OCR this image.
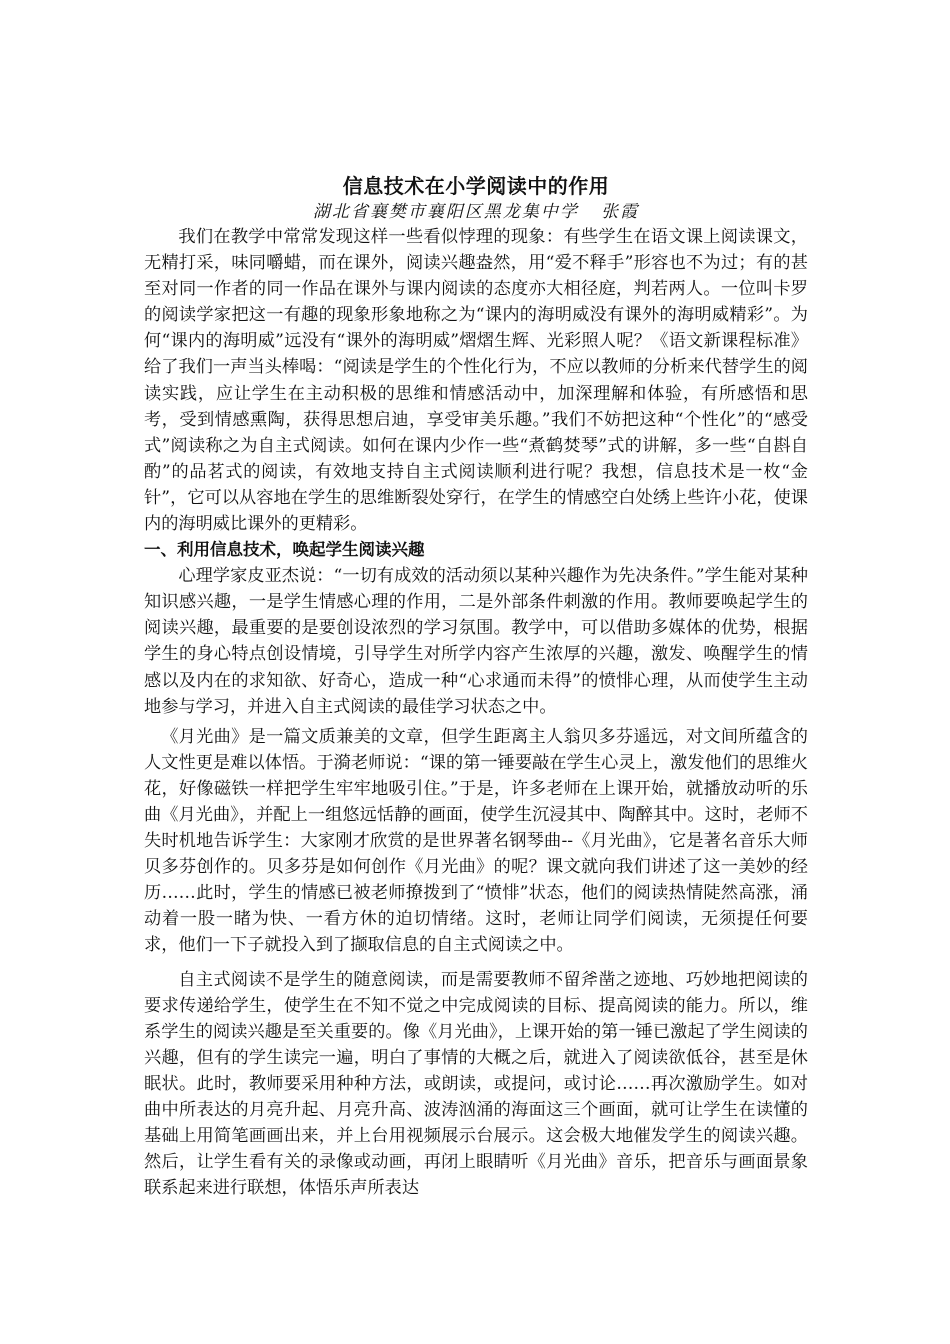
信息技术在小学阅读中的作用
湖北省襄樊市襄阳区黑龙集中学   张霞

我们在教学中常常发现这样一些看似悖理的现象：有些学生在语文课上阅读课文，无精打采，味同嚼蜡，而在课外，阅读兴趣盎然，用“爱不释手”形容也不为过；有的甚至对同一作者的同一作品在课外与课内阅读的态度亦大相径庭，判若两人。一位叫卡罗的阅读学家把这一有趣的现象形象地称之为“课内的海明威没有课外的海明威精彩”。为何“课内的海明威”远没有“课外的海明威”熠熠生辉、光彩照人呢？《语文新课程标准》给了我们一声当头棒喝：“阅读是学生的个性化行为，不应以教师的分析来代替学生的阅读实践，应让学生在主动积极的思维和情感活动中，加深理解和体验，有所感悟和思考，受到情感熏陶，获得思想启迪，享受审美乐趣。”我们不妨把这种“个性化”的“感受式”阅读称之为自主式阅读。如何在课内少作一些“煮鹤焚琴”式的讲解，多一些“自斟自酌”的品茗式的阅读，有效地支持自主式阅读顺利进行呢？我想，信息技术是一枚“金针”，它可以从容地在学生的思维断裂处穿行，在学生的情感空白处绣上些许小花，使课内的海明威比课外的更精彩。

一、利用信息技术，唤起学生阅读兴趣

心理学家皮亚杰说：“一切有成效的活动须以某种兴趣作为先决条件。”学生能对某种知识感兴趣，一是学生情感心理的作用，二是外部条件刺激的作用。教师要唤起学生的阅读兴趣，最重要的是要创设浓烈的学习氛围。教学中，可以借助多媒体的优势，根据学生的身心特点创设情境，引导学生对所学内容产生浓厚的兴趣，激发、唤醒学生的情感以及内在的求知欲、好奇心，造成一种“心求通而未得”的愤悱心理，从而使学生主动地参与学习，并进入自主式阅读的最佳学习状态之中。

《月光曲》是一篇文质兼美的文章，但学生距离主人翁贝多芬遥远，对文间所蕴含的人文性更是难以体悟。于漪老师说：“课的第一锤要敲在学生心灵上，激发他们的思维火花，好像磁铁一样把学生牢牢地吸引住。”于是，许多老师在上课开始，就播放动听的乐曲《月光曲》，并配上一组悠远恬静的画面，使学生沉浸其中、陶醉其中。这时，老师不失时机地告诉学生：大家刚才欣赏的是世界著名钢琴曲--《月光曲》，它是著名音乐大师贝多芬创作的。贝多芬是如何创作《月光曲》的呢？课文就向我们讲述了这一美妙的经历……此时，学生的情感已被老师撩拨到了“愤悱”状态，他们的阅读热情陡然高涨，涌动着一股一睹为快、一看方休的迫切情绪。这时，老师让同学们阅读，无须提任何要求，他们一下子就投入到了撷取信息的自主式阅读之中。

自主式阅读不是学生的随意阅读，而是需要教师不留斧凿之迹地、巧妙地把阅读的要求传递给学生，使学生在不知不觉之中完成阅读的目标、提高阅读的能力。所以，维系学生的阅读兴趣是至关重要的。像《月光曲》，上课开始的第一锤已激起了学生阅读的兴趣，但有的学生读完一遍，明白了事情的大概之后，就进入了阅读欲低谷，甚至是休眠状。此时，教师要采用种种方法，或朗读，或提问，或讨论……再次激励学生。如对曲中所表达的月亮升起、月亮升高、波涛汹涌的海面这三个画面，就可让学生在读懂的基础上用简笔画画出来，并上台用视频展示台展示。这会极大地催发学生的阅读兴趣。然后，让学生看有关的录像或动画，再闭上眼睛听《月光曲》音乐，把音乐与画面景象联系起来进行联想，体悟乐声所表达
